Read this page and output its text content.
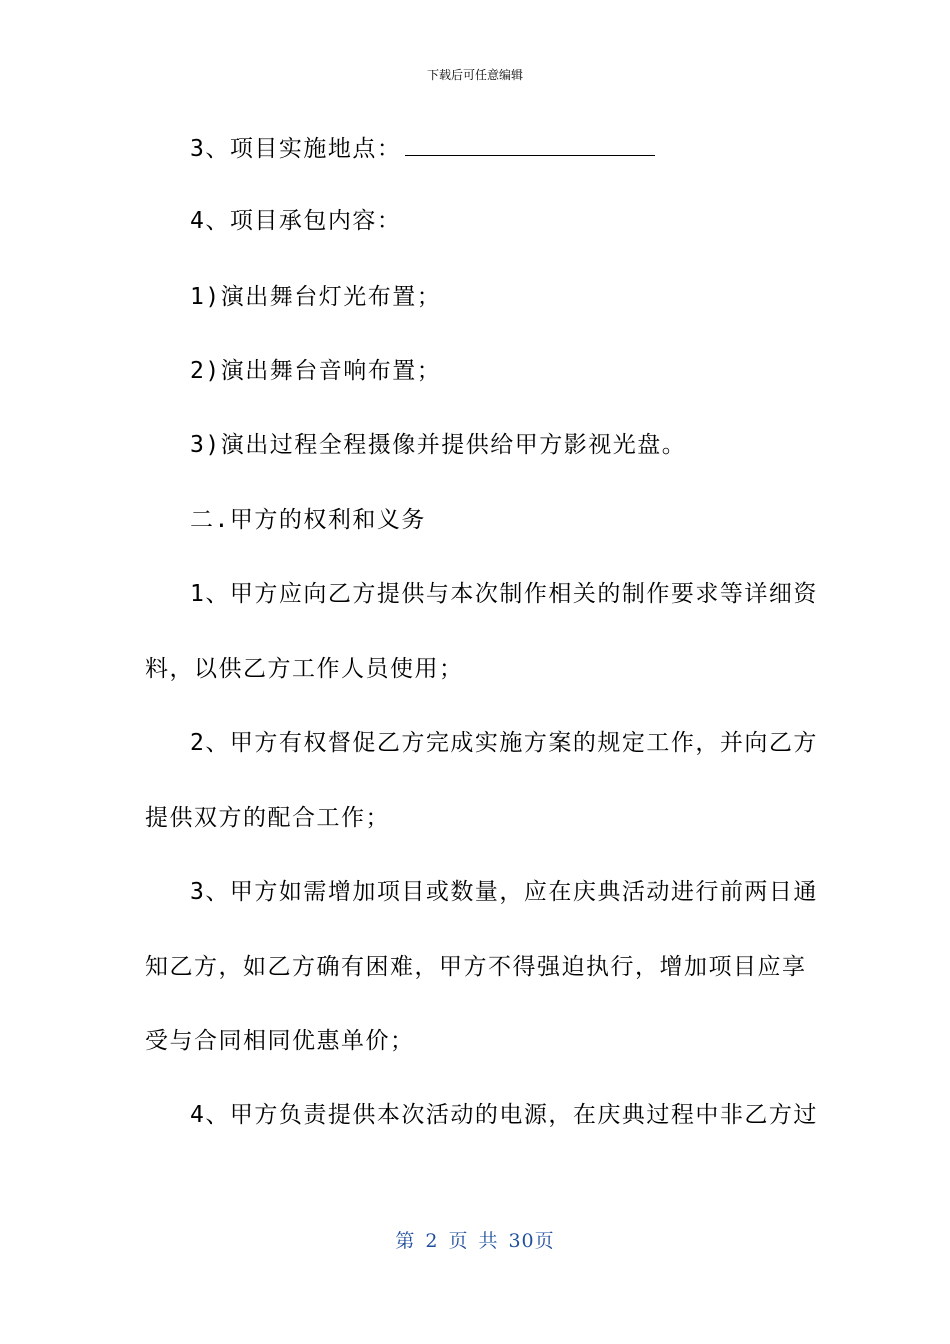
下载后可任意编辑
3、项目实施地点：
4、项目承包内容：
1)演出舞台灯光布置；
2)演出舞台音响布置；
3)演出过程全程摄像并提供给甲方影视光盘。
二.甲方的权利和义务
1、甲方应向乙方提供与本次制作相关的制作要求等详细资
料，以供乙方工作人员使用；
2、甲方有权督促乙方完成实施方案的规定工作，并向乙方
提供双方的配合工作；
3、甲方如需增加项目或数量，应在庆典活动进行前两日通
知乙方，如乙方确有困难，甲方不得强迫执行，增加项目应享
受与合同相同优惠单价；
4、甲方负责提供本次活动的电源，在庆典过程中非乙方过
第 2 页 共 30页
